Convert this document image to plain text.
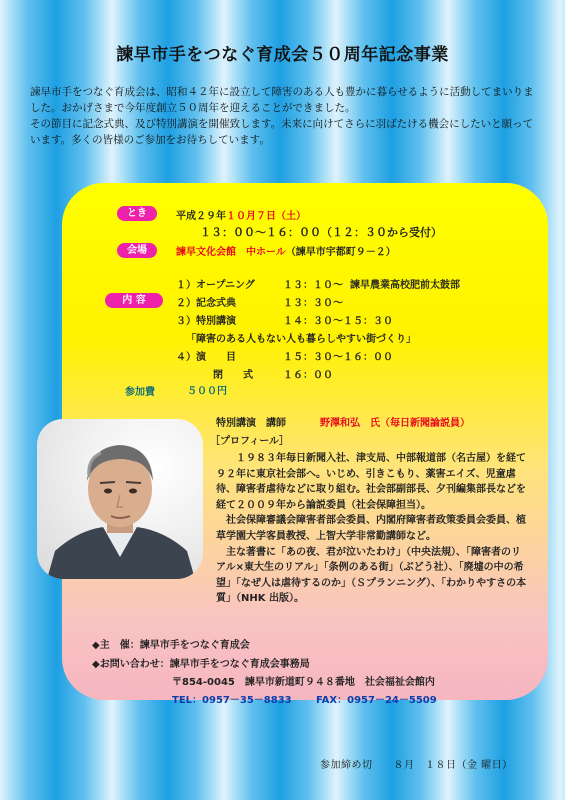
諫早市手をつなぐ育成会５０周年記念事業

諫早市手をつなぐ育成会は、昭和４２年に設立して障害のある人も豊かに暮らせるように活動してまいりました。おかげさまで今年度創立５０周年を迎えることができました。

その節目に記念式典、及び特別講演を開催致します。未来に向けてさらに羽ばたける機会にしたいと願っています。多くの皆様のご参加をお待ちしています。

とき	平成２９年１０月７日（土）
１３：００〜１６：００（１２：３０から受付）
会場	諫早文化会館　中ホール（諫早市宇都町９－２）
内 容
１）オープニング	１３：１０〜 諫早農業高校肥前太鼓部
２）記念式典	１３：３０〜
３）特別講演	１４：３０〜１５：３０
「障害のある人もない人も暮らしやすい街づくり」
４）演　　目	１５：３０〜１６：００
閉　　式	１６：００
参加費	５００円
特別講演　講師	野澤和弘　氏（毎日新聞論説員）
［プロフィール］

　　１９８３年毎日新聞入社、津支局、中部報道部（名古屋）を経て９２年に東京社会部へ。いじめ、引きこもり、薬害エイズ、児童虐待、障害者虐待などに取り組む。社会部副部長、夕刊編集部長などを経て２００９年から論説委員（社会保障担当）。

　社会保障審議会障害者部会委員、内閣府障害者政策委員会委員、植草学園大学客員教授、上智大学非常勤講師など。

　主な著書に「あの夜、君が泣いたわけ」（中央法規）、「障害者のリアル×東大生のリアル」「条例のある街」（ぶどう社）、「廃墟の中の希望」「なぜ人は虐待するのか」（Ｓプランニング）、「わかりやすさの本質」（NHK 出版）。

◆主　催：諫早市手をつなぐ育成会
◆お問い合わせ：諫早市手をつなぐ育成会事務局
〒854-0045　諫早市新道町９４８番地　社会福祉会館内
TEL：0957－35－8833 FAX：0957－24－5509
参加締め切　　８月　１８日（金 曜日）
